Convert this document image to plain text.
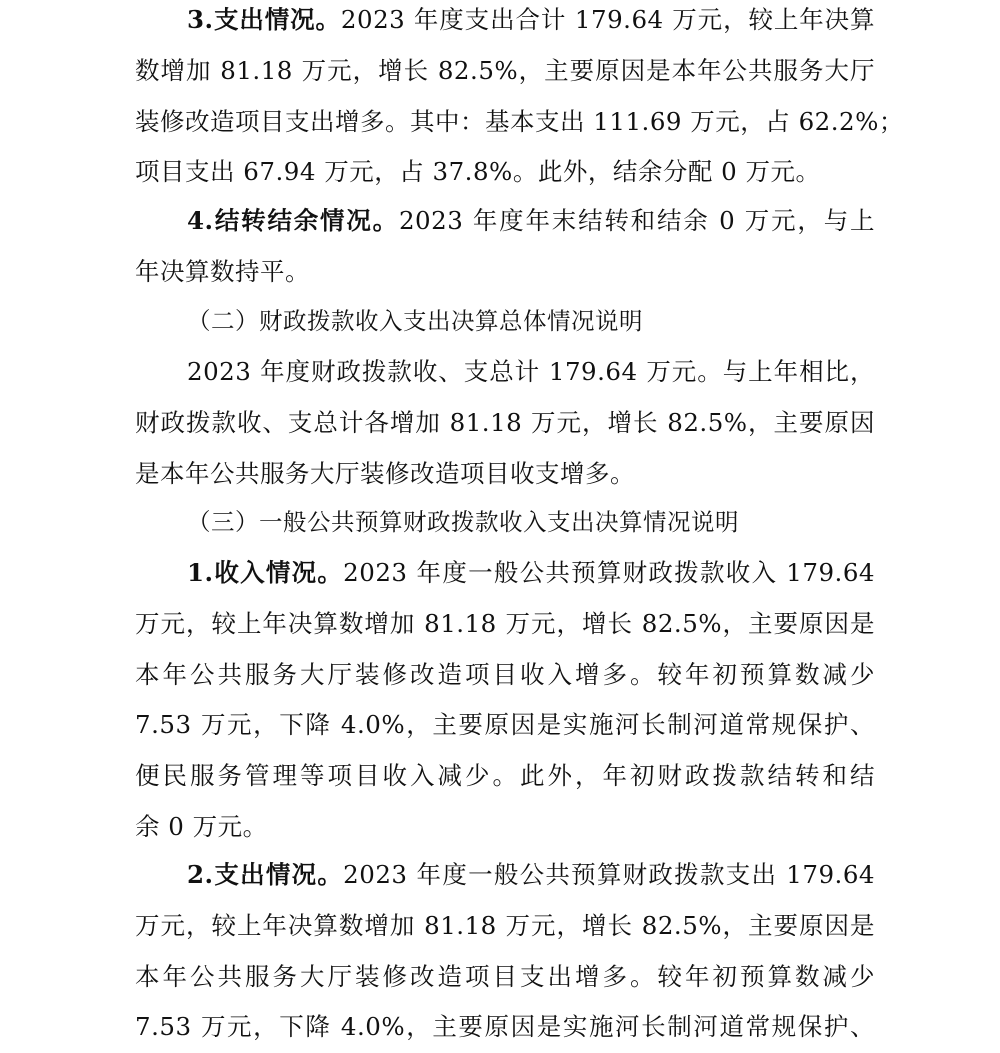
3.支出情况。2023 年度支出合计 179.64 万元，较上年决算
数增加 81.18 万元，增长 82.5%，主要原因是本年公共服务大厅
装修改造项目支出增多。其中：基本支出 111.69 万元，占 62.2%；
项目支出 67.94 万元，占 37.8%。此外，结余分配 0 万元。
4.结转结余情况。2023 年度年末结转和结余 0 万元，与上
年决算数持平。
（二）财政拨款收入支出决算总体情况说明
2023 年度财政拨款收、支总计 179.64 万元。与上年相比，
财政拨款收、支总计各增加 81.18 万元，增长 82.5%，主要原因
是本年公共服务大厅装修改造项目收支增多。
（三）一般公共预算财政拨款收入支出决算情况说明
1.收入情况。2023 年度一般公共预算财政拨款收入 179.64
万元，较上年决算数增加 81.18 万元，增长 82.5%，主要原因是
本年公共服务大厅装修改造项目收入增多。较年初预算数减少
7.53 万元，下降 4.0%，主要原因是实施河长制河道常规保护、
便民服务管理等项目收入减少。此外，年初财政拨款结转和结
余 0 万元。
2.支出情况。2023 年度一般公共预算财政拨款支出 179.64
万元，较上年决算数增加 81.18 万元，增长 82.5%，主要原因是
本年公共服务大厅装修改造项目支出增多。较年初预算数减少
7.53 万元，下降 4.0%，主要原因是实施河长制河道常规保护、
